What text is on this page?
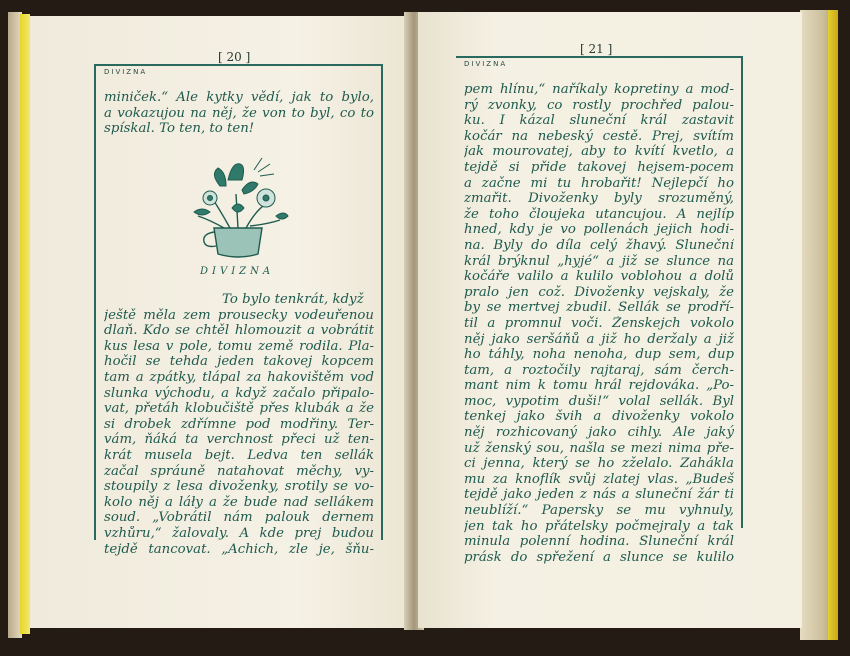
[ 20 ]
DIVIZNA
miniček.“ Ale kytky vědí, jak to bylo,
a vokazujou na něj, že von to byl, co to
spískal. To ten, to ten!
DIVIZNA
To bylo tenkrát, když
ještě měla zem prousecky vodeuřenou
dlaň. Kdo se chtěl hlomouzit a vobrátit
kus lesa v pole, tomu země rodila. Pla-
hočil se tehda jeden takovej kopcem
tam a zpátky, tlápal za hakovištěm vod
slunka východu, a když začalo připalo-
vat, přetáh klobučiště přes klubák a že
si drobek zdřímne pod modřiny. Ter-
vám, ňáká ta verchnost přeci už ten-
krát musela bejt. Ledva ten sellák
začal spráuně natahovat měchy, vy-
stoupily z lesa divoženky, srotily se vo-
kolo něj a láły a že bude nad sellákem
soud. „Vobrátil nám palouk dernem
vzhůru,“ žalovaly. A kde prej budou
tejdě tancovat. „Achich, zle je, šňu-
[ 21 ]
DIVIZNA
pem hlínu,“ naříkaly kopretiny a mod-
rý zvonky, co rostly prochřed palou-
ku. I kázal sluneční král zastavit
kočár na nebeský cestě. Prej, svítím
jak mourovatej, aby to kvítí kvetlo, a
tejdě si přide takovej hejsem-pocem
a začne mi tu hrobařit! Nejlepčí ho
zmařit. Divoženky byly srozuměný,
že toho čloujeka utancujou. A nejlíp
hned, kdy je vo pollenách jejich hodi-
na. Byly do díla celý žhavý. Sluneční
král brýknul „hyjé“ a již se slunce na
kočáře valilo a kulilo voblohou a dolů
pralo jen což. Divoženky vejskaly, že
by se mertvej zbudil. Sellák se prodří-
til a promnul voči. Ženskejch vokolo
něj jako seršáňů a již ho deržaly a již
ho táhly, noha nenoha, dup sem, dup
tam, a roztočily rajtaraj, sám čerch-
mant nim k tomu hrál rejdováka. „Po-
moc, vypotim duši!“ volal sellák. Byl
tenkej jako švih a divoženky vokolo
něj rozhicovaný jako cihly. Ale jaký
už ženský sou, našla se mezi nima pře-
ci jenna, který se ho zželalo. Zahákla
mu za knoflík svůj zlatej vlas. „Budeš
tejdě jako jeden z nás a sluneční žár ti
neublíží.“ Papersky se mu vyhnuly,
jen tak ho přátelsky počmejraly a tak
minula polenní hodina. Sluneční král
prásk do spřežení a slunce se kulilo
